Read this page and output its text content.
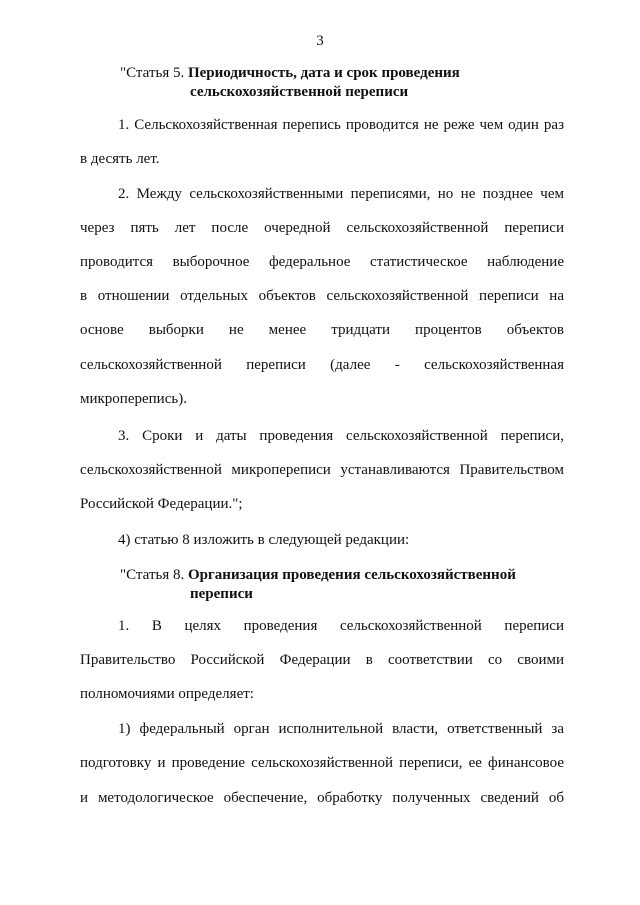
3
"Статья 5. Периодичность, дата и срок проведения
сельскохозяйственной переписи
1. Сельскохозяйственная перепись проводится не реже чем один раз
в десять лет.
2. Между сельскохозяйственными переписями, но не позднее чем
через пять лет после очередной сельскохозяйственной переписи
проводится выборочное федеральное статистическое наблюдение
в отношении отдельных объектов сельскохозяйственной переписи на
основе выборки не менее тридцати процентов объектов
сельскохозяйственной переписи (далее - сельскохозяйственная
микроперепись).
3. Сроки и даты проведения сельскохозяйственной переписи,
сельскохозяйственной микропереписи устанавливаются Правительством
Российской Федерации.";
4) статью 8 изложить в следующей редакции:
"Статья 8. Организация проведения сельскохозяйственной
переписи
1. В целях проведения сельскохозяйственной переписи
Правительство Российской Федерации в соответствии со своими
полномочиями определяет:
1) федеральный орган исполнительной власти, ответственный за
подготовку и проведение сельскохозяйственной переписи, ее финансовое
и методологическое обеспечение, обработку полученных сведений об
